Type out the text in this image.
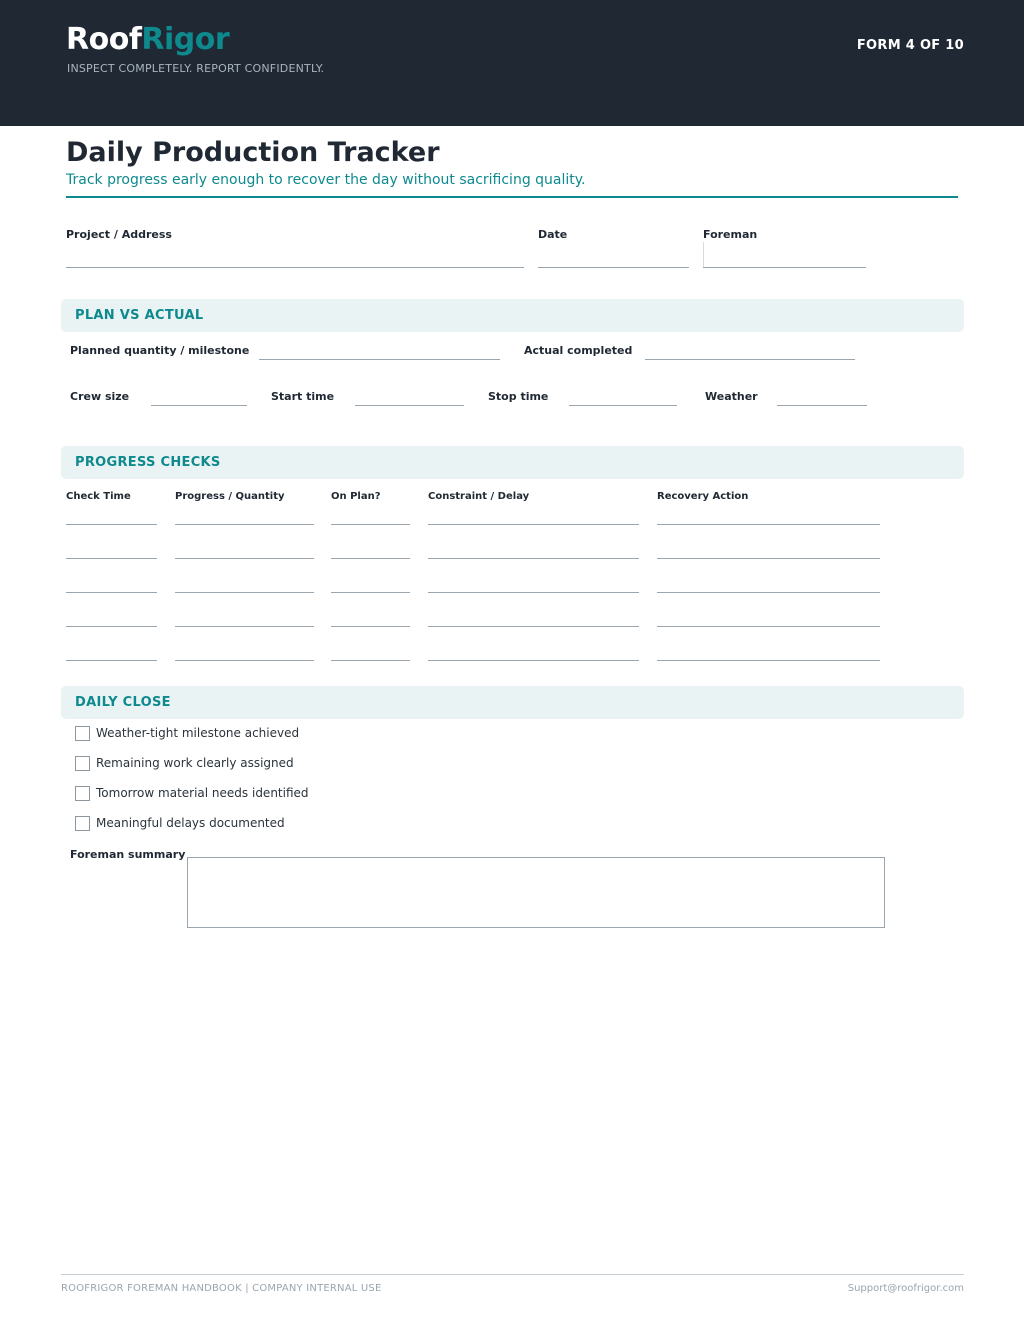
RoofRigor
INSPECT COMPLETELY. REPORT CONFIDENTLY.
FORM 4 OF 10
Daily Production Tracker
Track progress early enough to recover the day without sacrificing quality.
Project / Address	Date	Foreman
PLAN VS ACTUAL
Planned quantity / milestone	Actual completed
Crew size	Start time	Stop time	Weather
PROGRESS CHECKS
Check Time	Progress / Quantity	On Plan?	Constraint / Delay	Recovery Action
DAILY CLOSE
Weather-tight milestone achieved
Remaining work clearly assigned
Tomorrow material needs identified
Meaningful delays documented
Foreman summary
ROOFRIGOR FOREMAN HANDBOOK | COMPANY INTERNAL USE	Support@roofrigor.com
